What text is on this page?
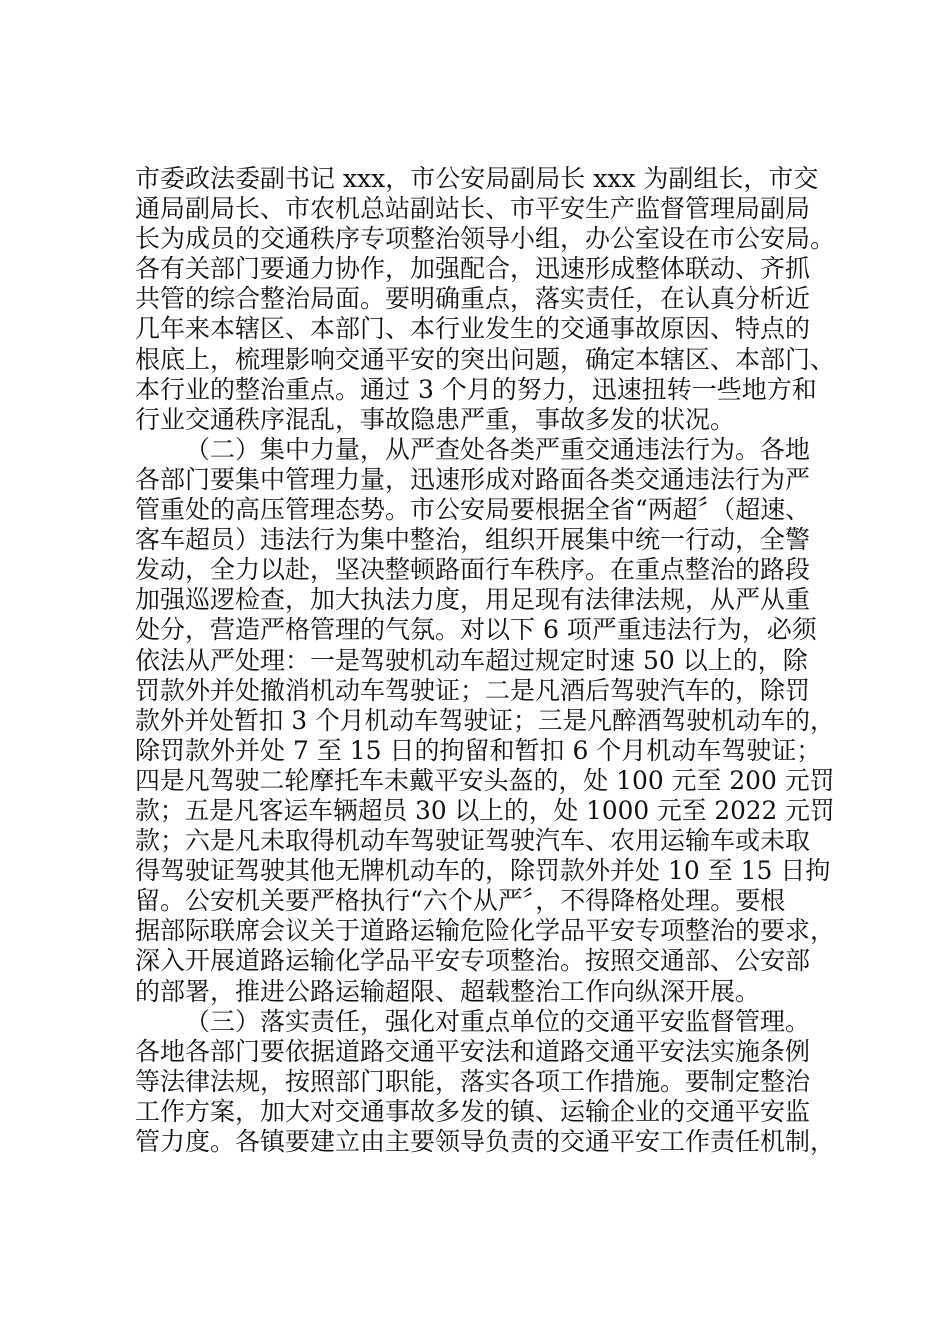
市委政法委副书记 xxx，市公安局副局长 xxx 为副组长，市交
通局副局长、市农机总站副站长、市平安生产监督管理局副局
长为成员的交通秩序专项整治领导小组，办公室设在市公安局。
各有关部门要通力协作，加强配合，迅速形成整体联动、齐抓
共管的综合整治局面。要明确重点，落实责任，在认真分析近
几年来本辖区、本部门、本行业发生的交通事故原因、特点的
根底上，梳理影响交通平安的突出问题，确定本辖区、本部门、
本行业的整治重点。通过 3 个月的努力，迅速扭转一些地方和
行业交通秩序混乱，事故隐患严重，事故多发的状况。
（二）集中力量，从严查处各类严重交通违法行为。各地
各部门要集中管理力量，迅速形成对路面各类交通违法行为严
管重处的高压管理态势。市公安局要根据全省“两超〞（超速、
客车超员）违法行为集中整治，组织开展集中统一行动，全警
发动，全力以赴，坚决整顿路面行车秩序。在重点整治的路段
加强巡逻检查，加大执法力度，用足现有法律法规，从严从重
处分，营造严格管理的气氛。对以下 6 项严重违法行为，必须
依法从严处理：一是驾驶机动车超过规定时速 50 以上的，除
罚款外并处撤消机动车驾驶证；二是凡酒后驾驶汽车的，除罚
款外并处暂扣 3 个月机动车驾驶证；三是凡醉酒驾驶机动车的，
除罚款外并处 7 至 15 日的拘留和暂扣 6 个月机动车驾驶证；
四是凡驾驶二轮摩托车未戴平安头盔的，处 100 元至 200 元罚
款；五是凡客运车辆超员 30 以上的，处 1000 元至 2022 元罚
款；六是凡未取得机动车驾驶证驾驶汽车、农用运输车或未取
得驾驶证驾驶其他无牌机动车的，除罚款外并处 10 至 15 日拘
留。公安机关要严格执行“六个从严〞，不得降格处理。要根
据部际联席会议关于道路运输危险化学品平安专项整治的要求，
深入开展道路运输化学品平安专项整治。按照交通部、公安部
的部署，推进公路运输超限、超载整治工作向纵深开展。
（三）落实责任，强化对重点单位的交通平安监督管理。
各地各部门要依据道路交通平安法和道路交通平安法实施条例
等法律法规，按照部门职能，落实各项工作措施。要制定整治
工作方案，加大对交通事故多发的镇、运输企业的交通平安监
管力度。各镇要建立由主要领导负责的交通平安工作责任机制，
